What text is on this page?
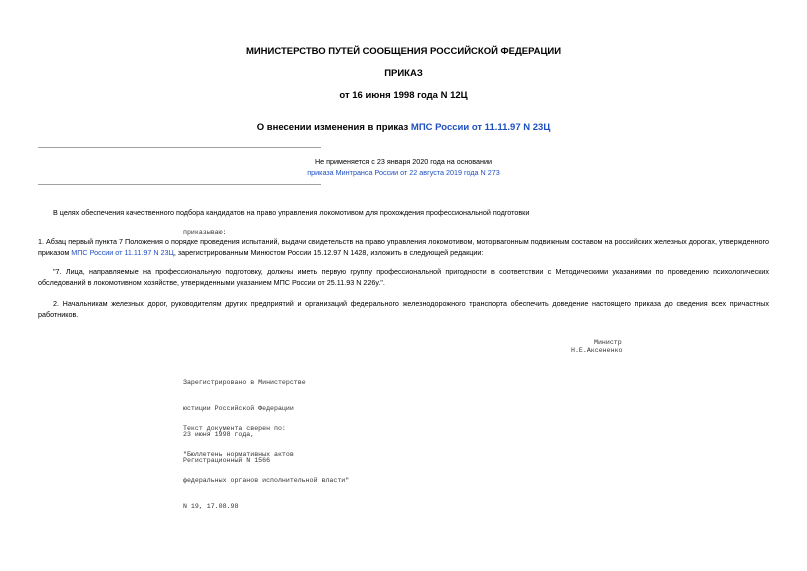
МИНИСТЕРСТВО ПУТЕЙ СООБЩЕНИЯ РОССИЙСКОЙ ФЕДЕРАЦИИ
ПРИКАЗ
от 16 июня 1998 года N 12Ц
О внесении изменения в приказ МПС России от 11.11.97 N 23Ц
Не применяется с 23 января 2020 года на основании
приказа Минтранса России от 22 августа 2019 года N 273
В целях обеспечения качественного подбора кандидатов на право управления локомотивом для прохождения профессиональной подготовки
приказываю:
1. Абзац первый пункта 7 Положения о порядке проведения испытаний, выдачи свидетельств на право управления локомотивом, моторвагонным подвижным составом на российских железных дорогах, утвержденного приказом МПС России от 11.11.97 N 23Ц, зарегистрированным Минюстом России 15.12.97 N 1428, изложить в следующей редакции:
"7. Лица, направляемые на профессиональную подготовку, должны иметь первую группу профессиональной пригодности в соответствии с Методическими указаниями по проведению психологических обследований в локомотивном хозяйстве, утвержденными указанием МПС России от 25.11.93 N 226у.".
2. Начальникам железных дорог, руководителям других предприятий и организаций федерального железнодорожного транспорта обеспечить доведение настоящего приказа до сведения всех причастных работников.
Министр
Н.Е.Аксененко

Зарегистрировано в Министерстве

юстиции Российской Федерации

23 июня 1998 года,

Регистрационный N 1566

Текст документа сверен по:

"Бюллетень нормативных актов

федеральных органов исполнительной власти"

N 19, 17.08.98
